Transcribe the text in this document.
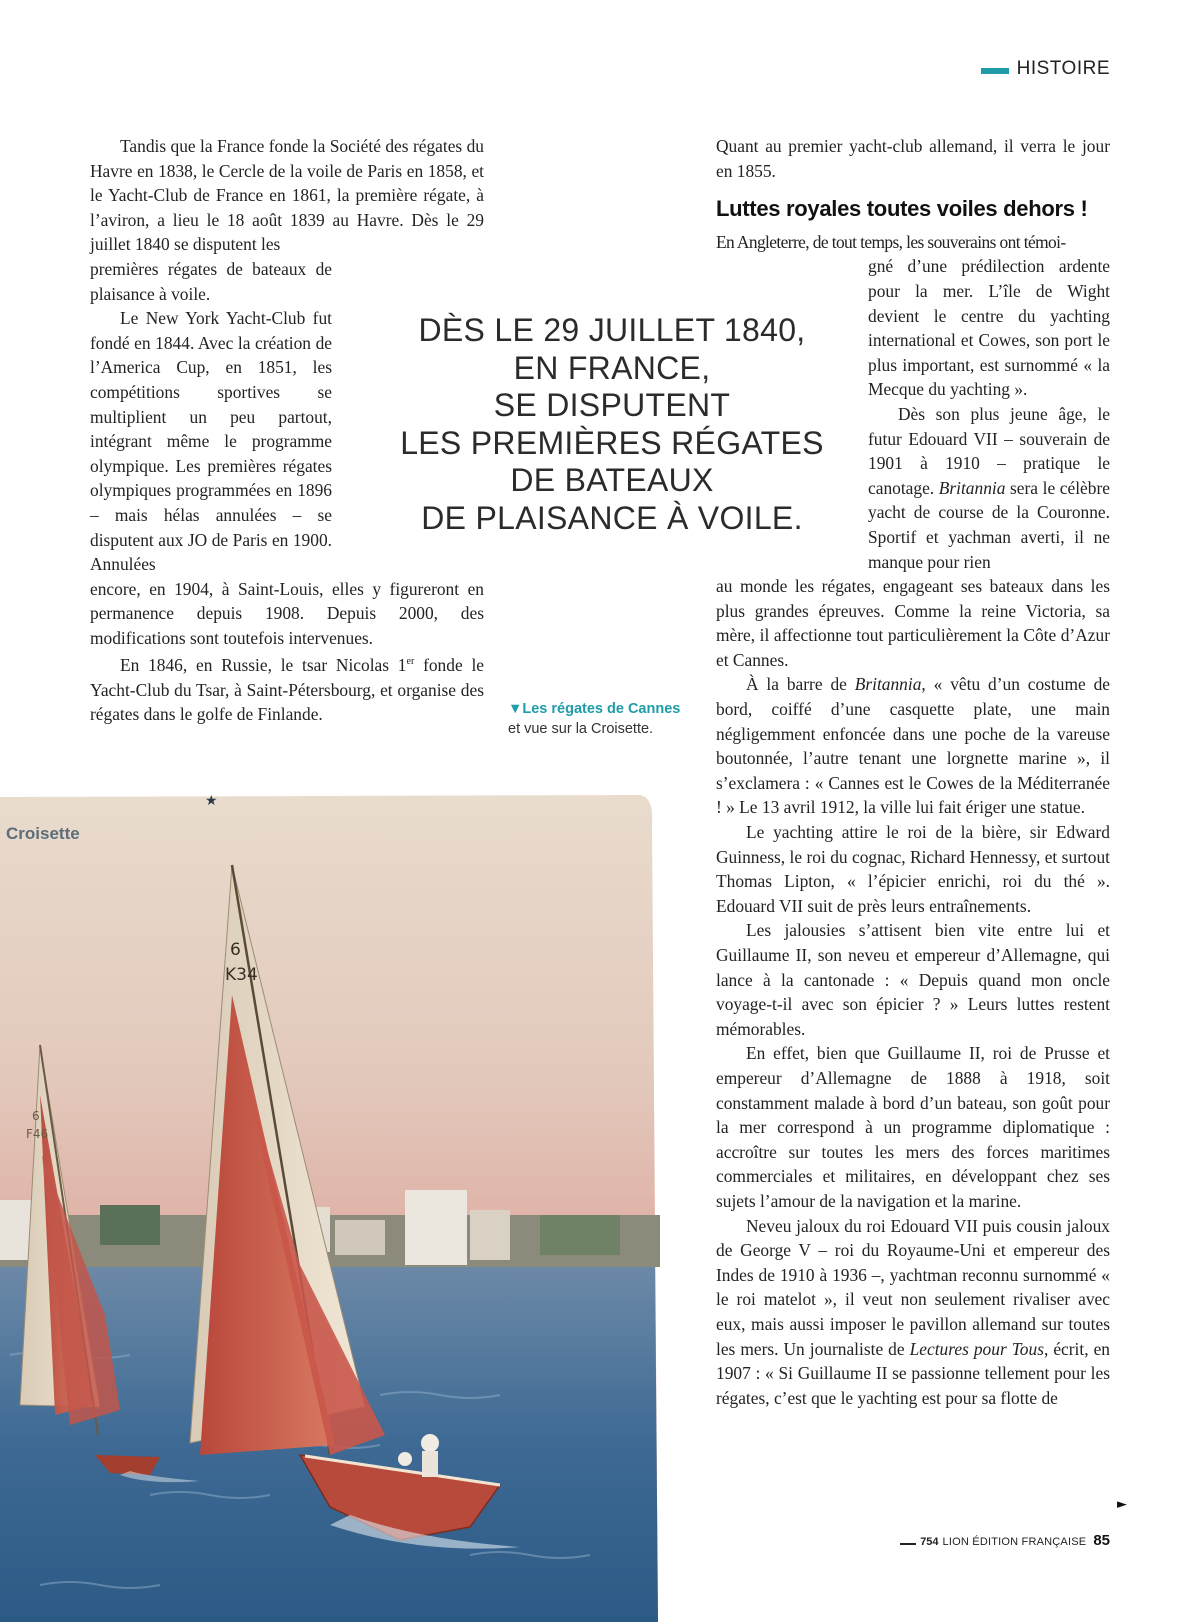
HISTOIRE

Tandis que la France fonde la Société des régates du Havre en 1838, le Cercle de la voile de Paris en 1858, et le Yacht-Club de France en 1861, la première régate, à l’aviron, a lieu le 18 août 1839 au Havre. Dès le 29 juillet 1840 se disputent les

premières régates de bateaux de plaisance à voile.

Le New York Yacht-Club fut fondé en 1844. Avec la création de l’America Cup, en 1851, les compétitions sportives se multiplient un peu partout, intégrant même le programme olympique. Les premières régates olympiques programmées en 1896 – mais hélas annulées – se disputent aux JO de Paris en 1900. Annulées

encore, en 1904, à Saint-Louis, elles y figureront en permanence depuis 1908. Depuis 2000, des modifications sont toutefois intervenues.

En 1846, en Russie, le tsar Nicolas 1er fonde le Yacht-Club du Tsar, à Saint-Pétersbourg, et organise des régates dans le golfe de Finlande.

DÈS LE 29 JUILLET 1840,
EN FRANCE,
SE DISPUTENT
LES PREMIÈRES RÉGATES
DE BATEAUX
DE PLAISANCE À VOILE.
▼Les régates de Cannes
et vue sur la Croisette.
Croisette
★
6
F46
6
K34

Quant au premier yacht-club allemand, il verra le jour en 1855.

Luttes royales toutes voiles dehors !

En Angleterre, de tout temps, les souverains ont témoi-

gné d’une prédilection ardente pour la mer. L’île de Wight devient le centre du yachting international et Cowes, son port le plus important, est surnommé « la Mecque du yachting ».

Dès son plus jeune âge, le futur Edouard VII – souverain de 1901 à 1910 – pratique le canotage. Britannia sera le célèbre yacht de course de la Couronne. Sportif et yachman averti, il ne manque pour rien

au monde les régates, engageant ses bateaux dans les plus grandes épreuves. Comme la reine Victoria, sa mère, il affectionne tout particulièrement la Côte d’Azur et Cannes.

À la barre de Britannia, « vêtu d’un costume de bord, coiffé d’une casquette plate, une main négligemment enfoncée dans une poche de la vareuse boutonnée, l’autre tenant une lorgnette marine », il s’exclamera : « Cannes est le Cowes de la Méditerranée ! » Le 13 avril 1912, la ville lui fait ériger une statue.

Le yachting attire le roi de la bière, sir Edward Guinness, le roi du cognac, Richard Hennessy, et surtout Thomas Lipton, « l’épicier enrichi, roi du thé ». Edouard VII suit de près leurs entraînements.

Les jalousies s’attisent bien vite entre lui et Guillaume II, son neveu et empereur d’Allemagne, qui lance à la cantonade : « Depuis quand mon oncle voyage-t-il avec son épicier ? » Leurs luttes restent mémorables.

En effet, bien que Guillaume II, roi de Prusse et empereur d’Allemagne de 1888 à 1918, soit constamment malade à bord d’un bateau, son goût pour la mer correspond à un programme diplomatique : accroître sur toutes les mers des forces maritimes commerciales et militaires, en développant chez ses sujets l’amour de la navigation et la marine.

Neveu jaloux du roi Edouard VII puis cousin jaloux de George V – roi du Royaume-Uni et empereur des Indes de 1910 à 1936 –, yachtman reconnu surnommé « le roi matelot », il veut non seulement rivaliser avec eux, mais aussi imposer le pavillon allemand sur toutes les mers. Un journaliste de Lectures pour Tous, écrit, en 1907 : « Si Guillaume II se passionne tellement pour les régates, c’est que le yachting est pour sa flotte de

►
754 LION ÉDITION FRANÇAISE 85
